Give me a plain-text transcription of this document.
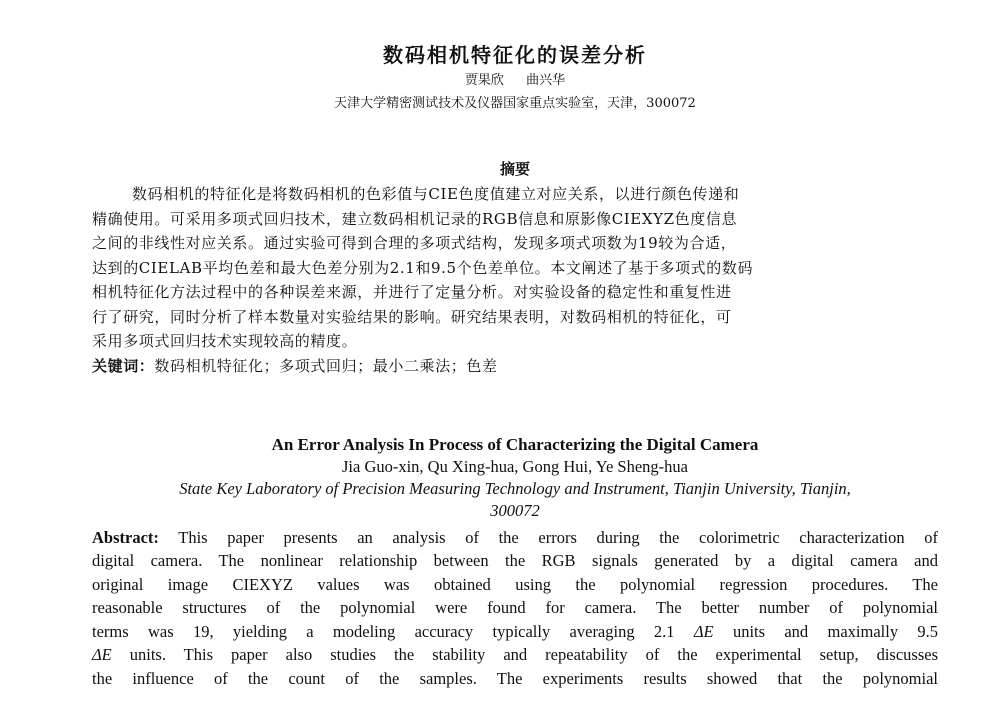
数码相机特征化的误差分析
贾果欣 曲兴华
天津大学精密测试技术及仪器国家重点实验室，天津，300072
摘要
数码相机的特征化是将数码相机的色彩值与CIE色度值建立对应关系，以进行颜色传递和
精确使用。可采用多项式回归技术，建立数码相机记录的RGB信息和原影像CIEXYZ色度信息
之间的非线性对应关系。通过实验可得到合理的多项式结构，发现多项式项数为19较为合适，
达到的CIELAB平均色差和最大色差分别为2.1和9.5个色差单位。本文阐述了基于多项式的数码
相机特征化方法过程中的各种误差来源，并进行了定量分析。对实验设备的稳定性和重复性进
行了研究，同时分析了样本数量对实验结果的影响。研究结果表明，对数码相机的特征化，可
采用多项式回归技术实现较高的精度。
关键词：数码相机特征化；多项式回归；最小二乘法；色差
An Error Analysis In Process of Characterizing the Digital Camera
Jia Guo-xin, Qu Xing-hua, Gong Hui, Ye Sheng-hua
State Key Laboratory of Precision Measuring Technology and Instrument, Tianjin University, Tianjin,
300072
Abstract: This paper presents an analysis of the errors during the colorimetric characterization of
digital camera. The nonlinear relationship between the RGB signals generated by a digital camera and
original image CIEXYZ values was obtained using the polynomial regression procedures. The
reasonable structures of the polynomial were found for camera. The better number of polynomial
terms was 19, yielding a modeling accuracy typically averaging 2.1 ΔE units and maximally 9.5
ΔE units. This paper also studies the stability and repeatability of the experimental setup, discusses
the influence of the count of the samples. The experiments results showed that the polynomial
